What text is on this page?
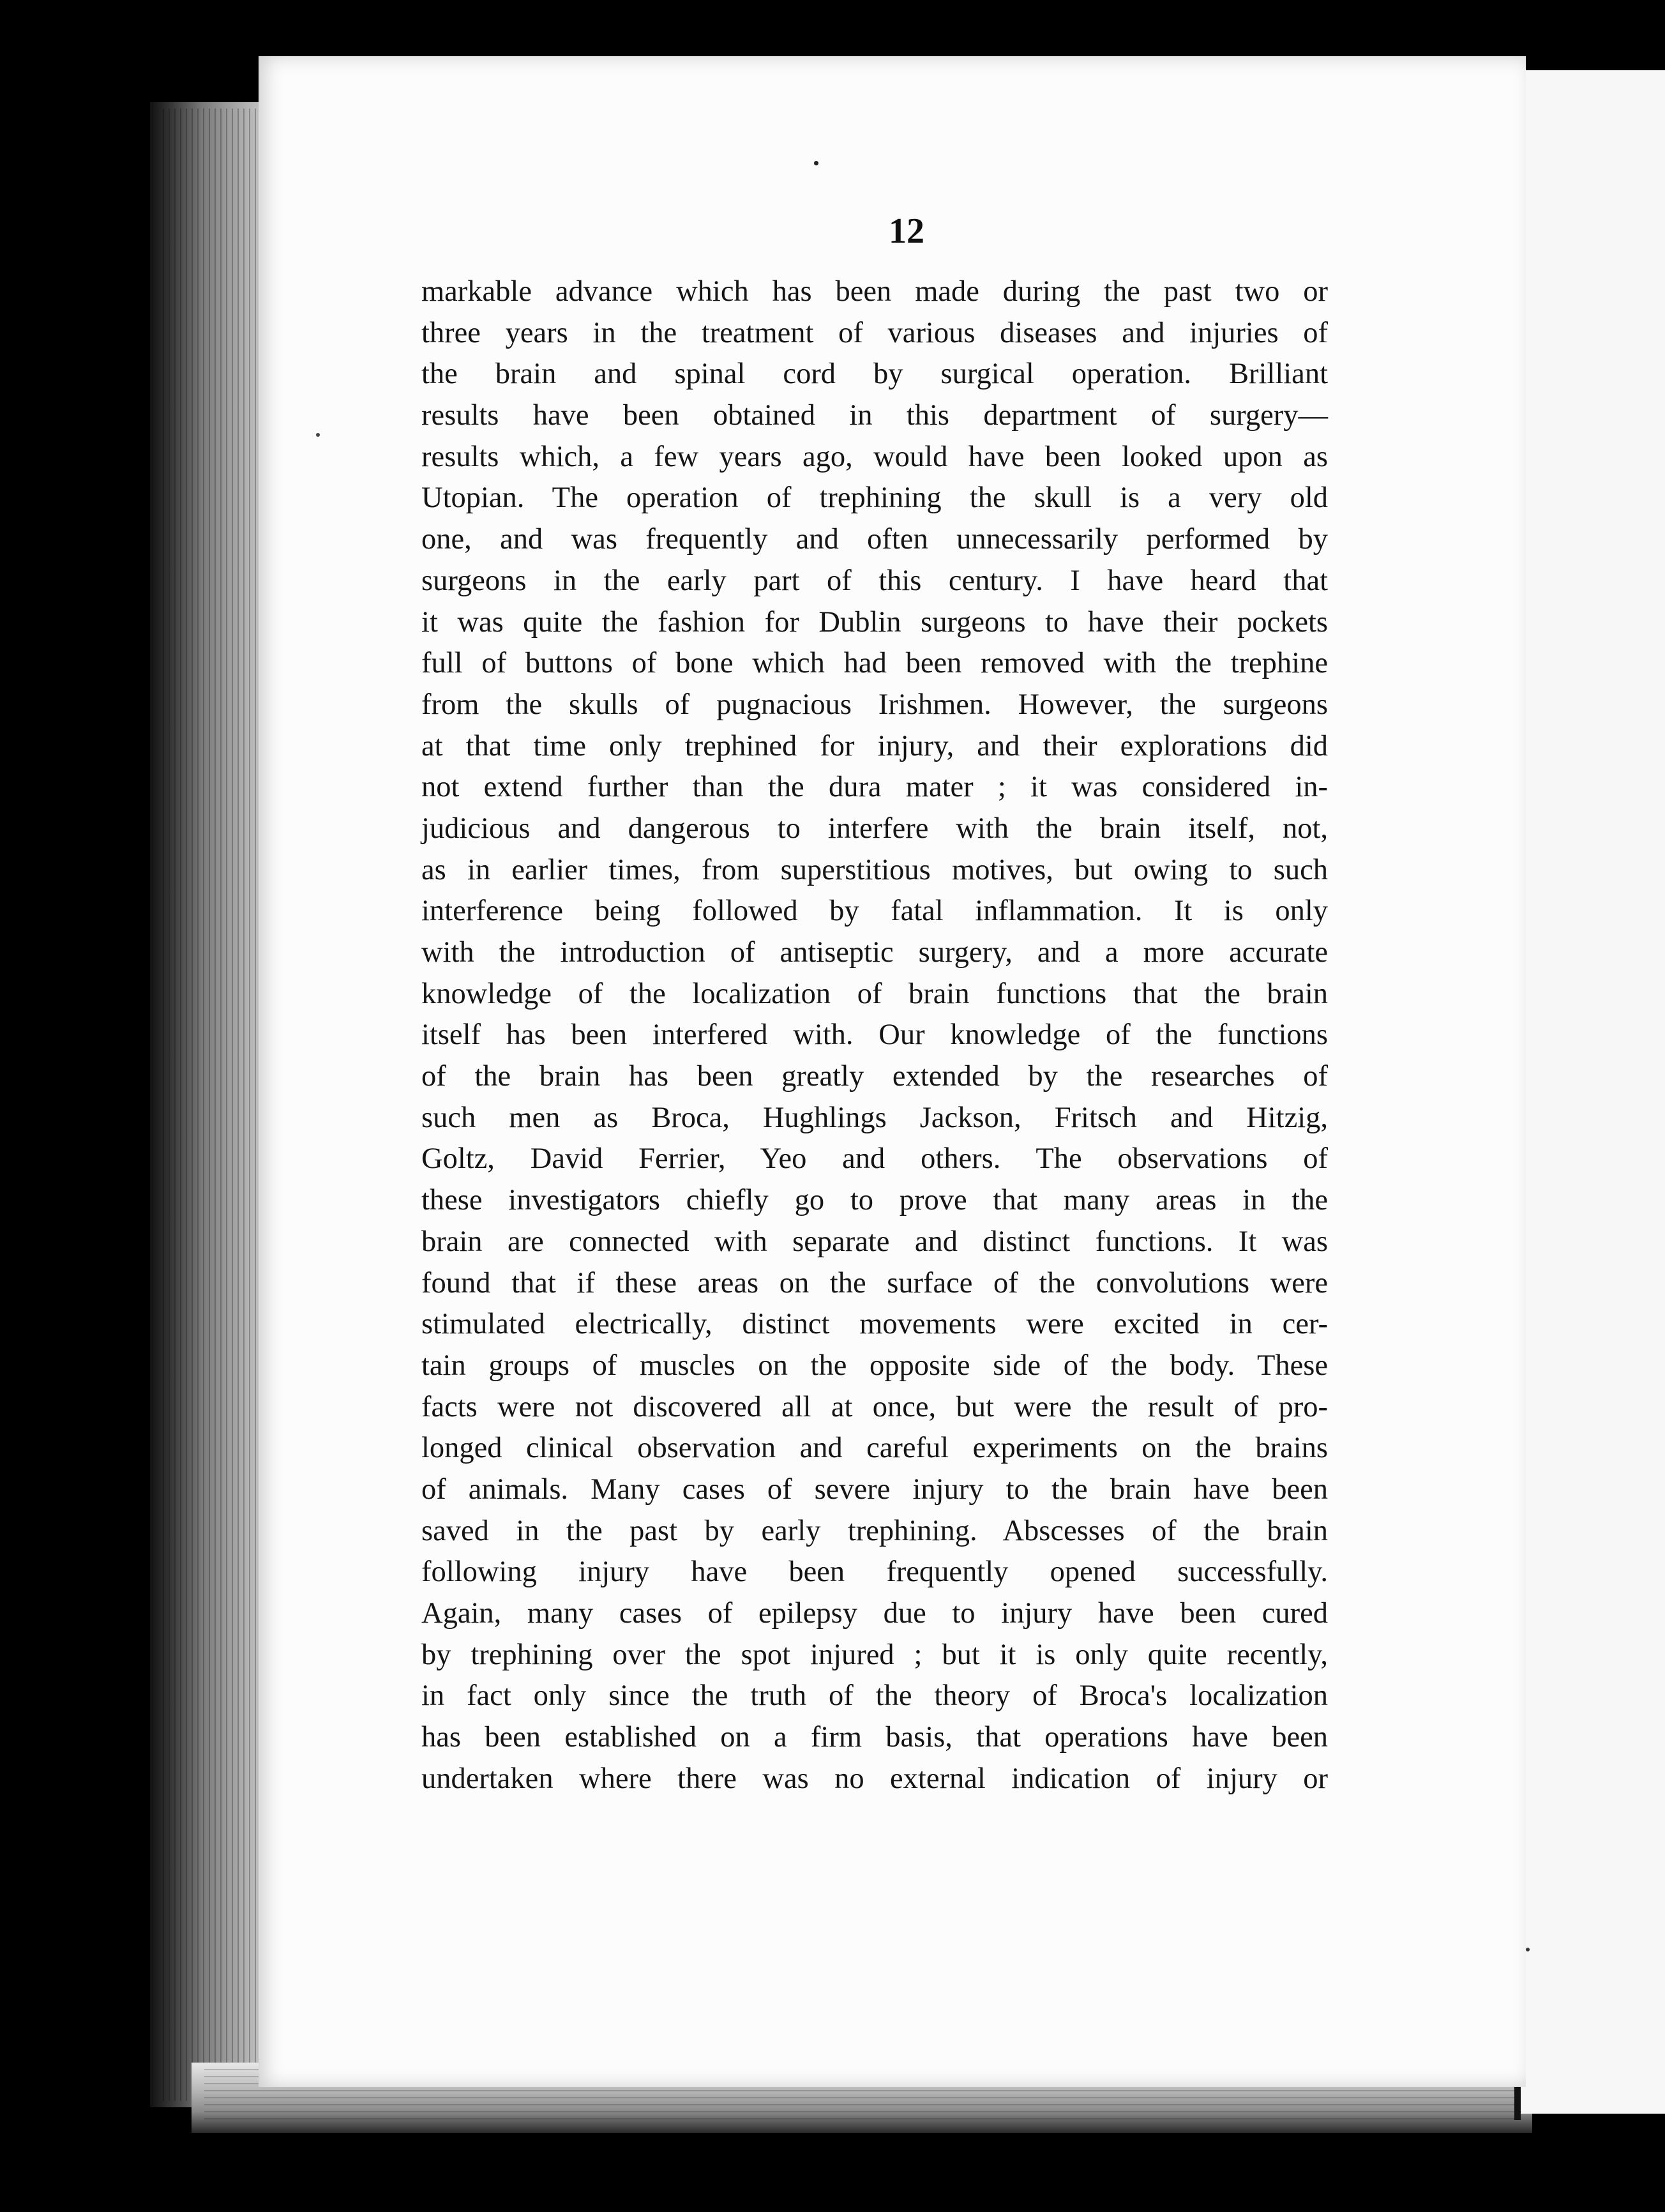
12
markable advance which has been made during the past two or
three years in the treatment of various diseases and injuries of
the brain and spinal cord by surgical operation. Brilliant
results have been obtained in this department of surgery—
results which, a few years ago, would have been looked upon as
Utopian. The operation of trephining the skull is a very old
one, and was frequently and often unnecessarily performed by
surgeons in the early part of this century. I have heard that
it was quite the fashion for Dublin surgeons to have their pockets
full of buttons of bone which had been removed with the trephine
from the skulls of pugnacious Irishmen. However, the surgeons
at that time only trephined for injury, and their explorations did
not extend further than the dura mater ; it was considered in-
judicious and dangerous to interfere with the brain itself, not,
as in earlier times, from superstitious motives, but owing to such
interference being followed by fatal inflammation. It is only
with the introduction of antiseptic surgery, and a more accurate
knowledge of the localization of brain functions that the brain
itself has been interfered with. Our knowledge of the functions
of the brain has been greatly extended by the researches of
such men as Broca, Hughlings Jackson, Fritsch and Hitzig,
Goltz, David Ferrier, Yeo and others. The observations of
these investigators chiefly go to prove that many areas in the
brain are connected with separate and distinct functions. It was
found that if these areas on the surface of the convolutions were
stimulated electrically, distinct movements were excited in cer-
tain groups of muscles on the opposite side of the body. These
facts were not discovered all at once, but were the result of pro-
longed clinical observation and careful experiments on the brains
of animals. Many cases of severe injury to the brain have been
saved in the past by early trephining. Abscesses of the brain
following injury have been frequently opened successfully.
Again, many cases of epilepsy due to injury have been cured
by trephining over the spot injured ; but it is only quite recently,
in fact only since the truth of the theory of Broca's localization
has been established on a firm basis, that operations have been
undertaken where there was no external indication of injury or
